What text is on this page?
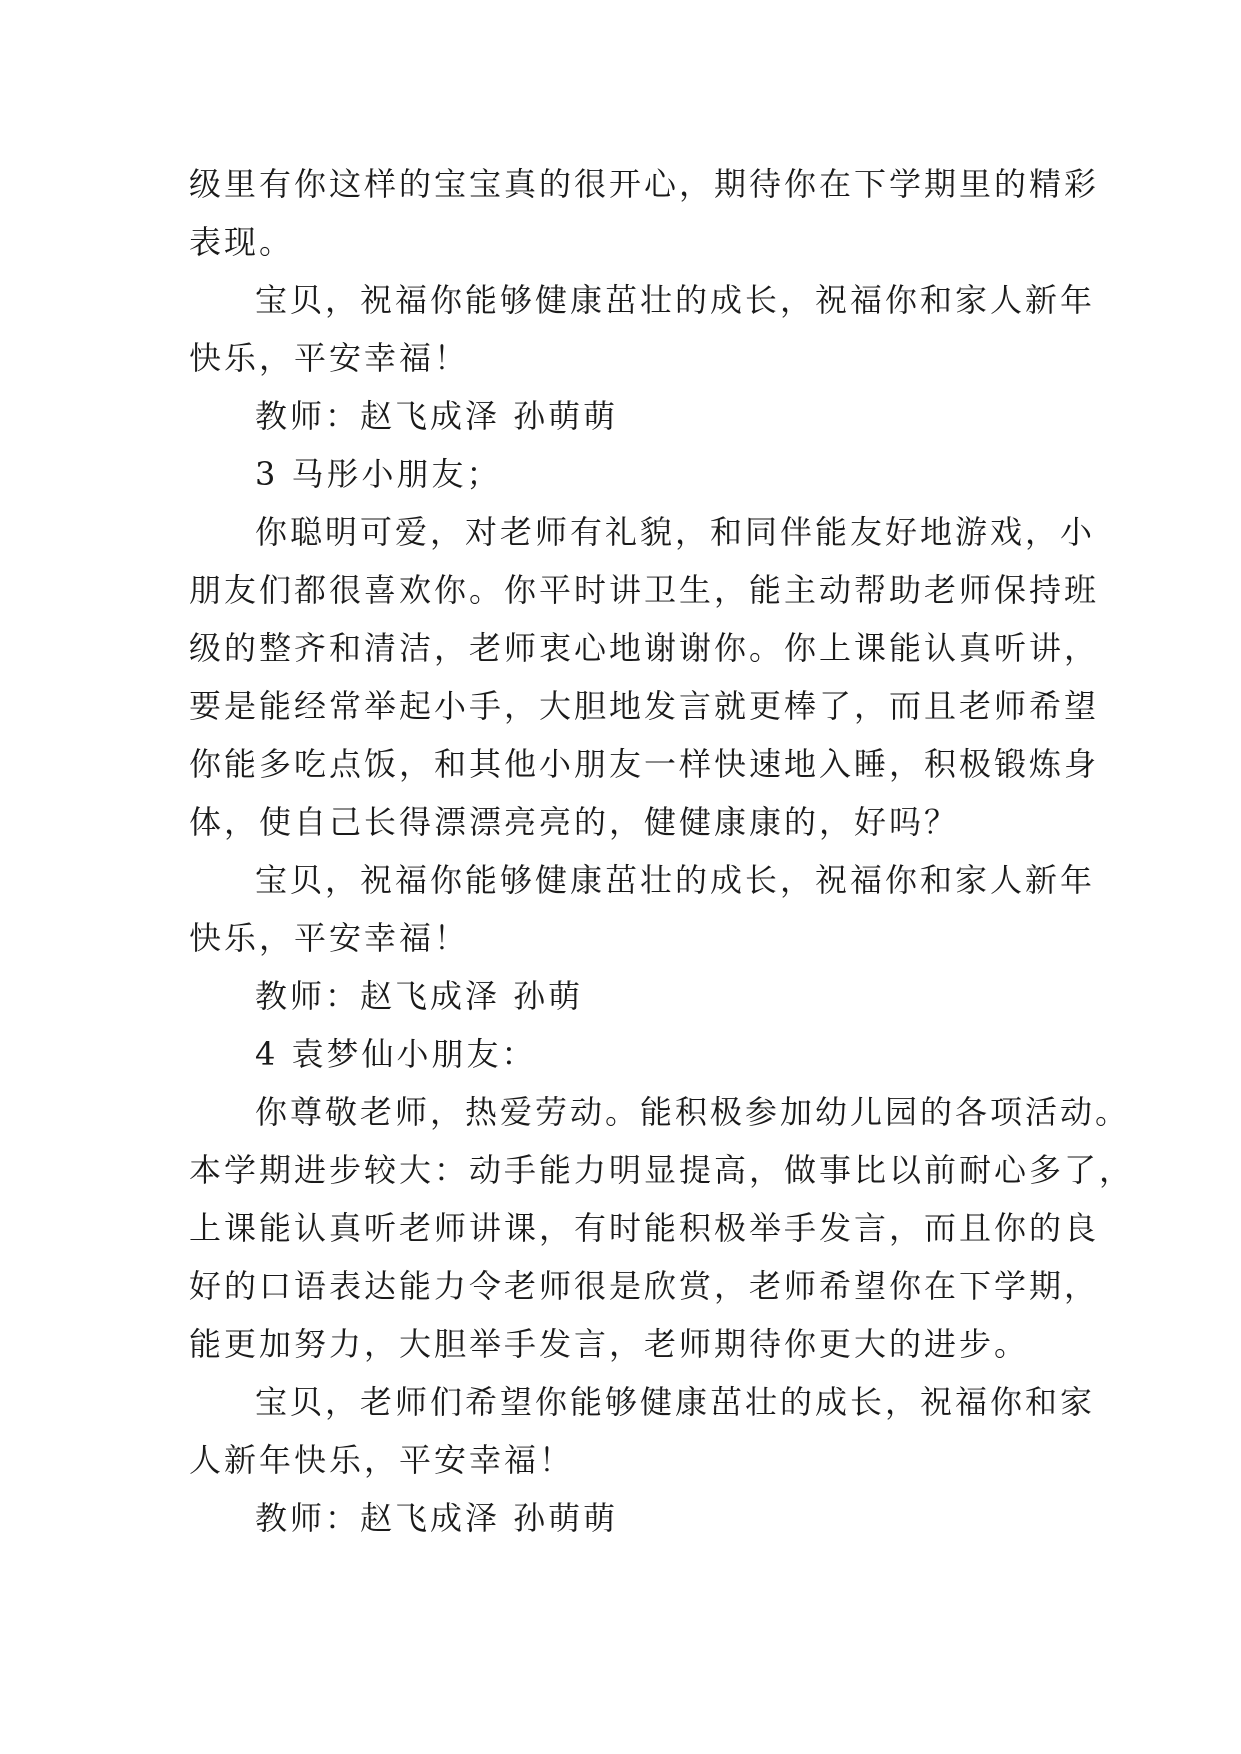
级里有你这样的宝宝真的很开心，期待你在下学期里的精彩
表现。
宝贝，祝福你能够健康茁壮的成长，祝福你和家人新年
快乐，平安幸福！
教师：赵飞成泽 孙萌萌
3 马彤小朋友；
你聪明可爱，对老师有礼貌，和同伴能友好地游戏，小
朋友们都很喜欢你。你平时讲卫生，能主动帮助老师保持班
级的整齐和清洁，老师衷心地谢谢你。你上课能认真听讲，
要是能经常举起小手，大胆地发言就更棒了，而且老师希望
你能多吃点饭，和其他小朋友一样快速地入睡，积极锻炼身
体，使自己长得漂漂亮亮的，健健康康的，好吗？
宝贝，祝福你能够健康茁壮的成长，祝福你和家人新年
快乐，平安幸福！
教师：赵飞成泽 孙萌
4 袁梦仙小朋友：
你尊敬老师，热爱劳动。能积极参加幼儿园的各项活动。
本学期进步较大：动手能力明显提高，做事比以前耐心多了，
上课能认真听老师讲课，有时能积极举手发言，而且你的良
好的口语表达能力令老师很是欣赏，老师希望你在下学期，
能更加努力，大胆举手发言，老师期待你更大的进步。
宝贝，老师们希望你能够健康茁壮的成长，祝福你和家
人新年快乐，平安幸福！
教师：赵飞成泽 孙萌萌
